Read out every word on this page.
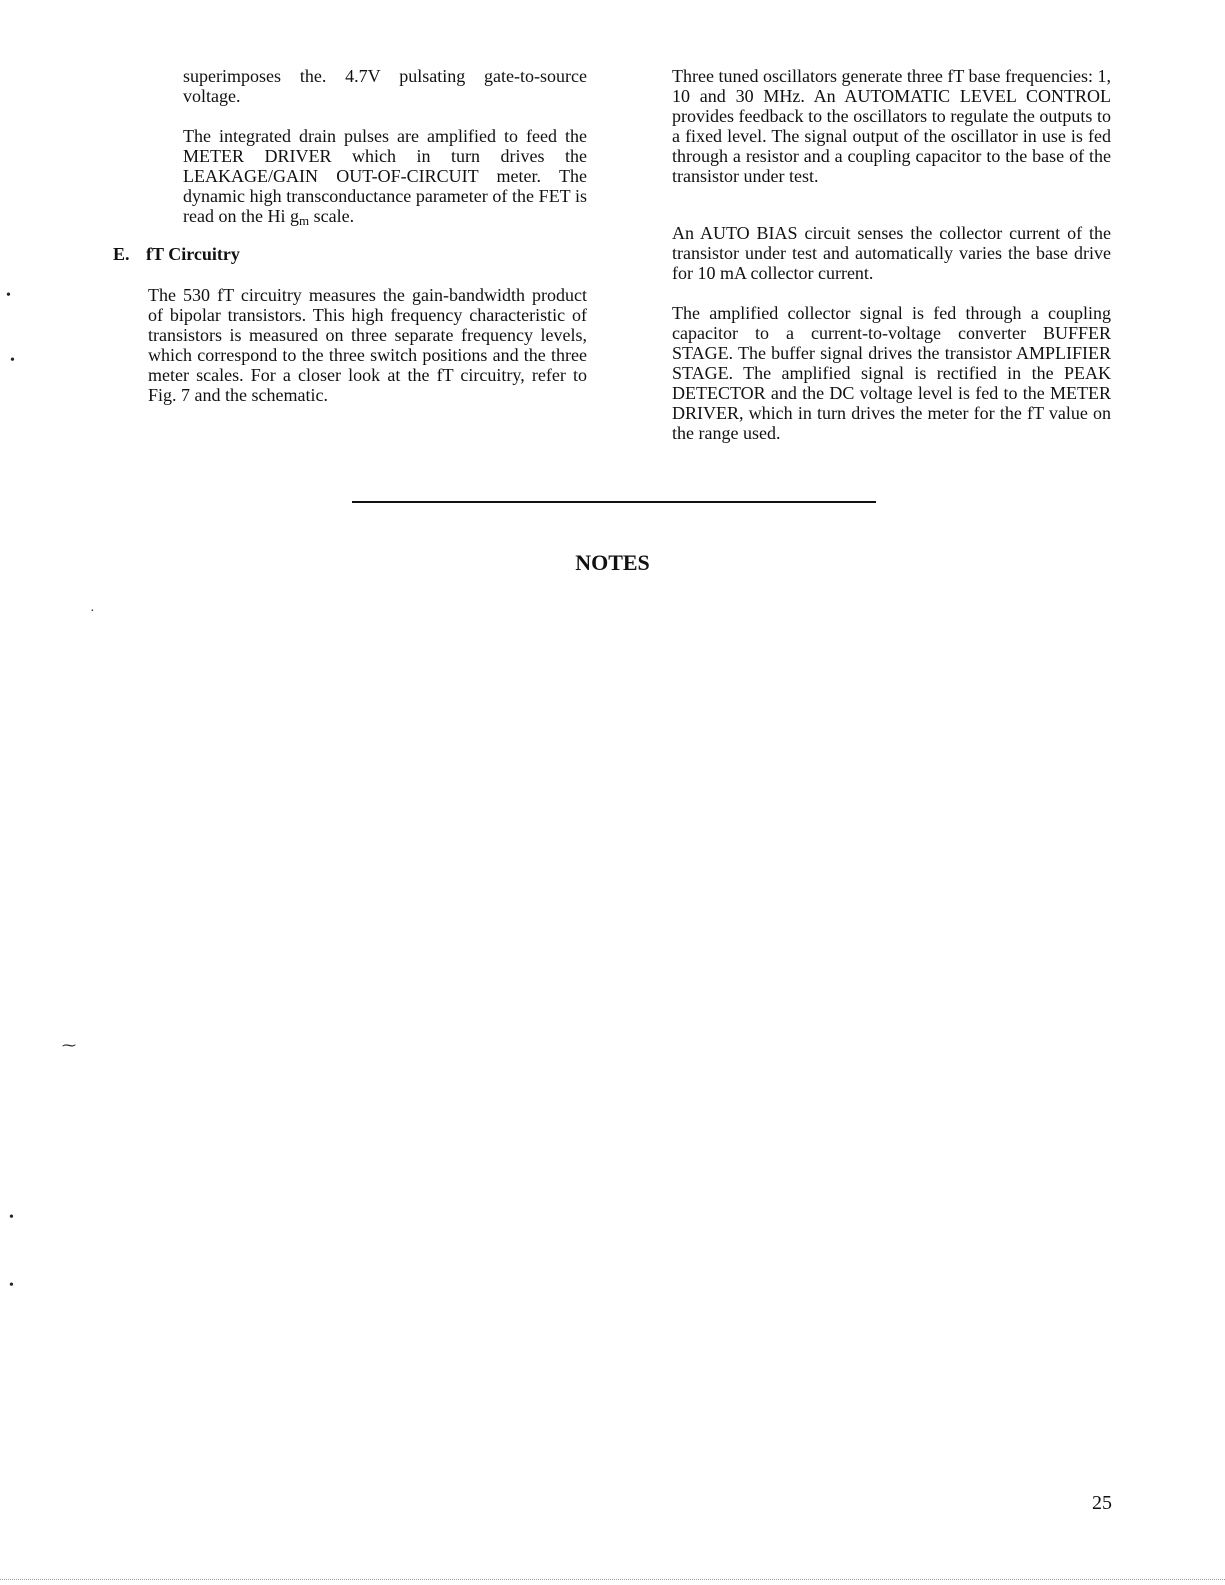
superimposes the. 4.7V pulsating gate-to-source voltage.

The integrated drain pulses are amplified to feed the METER DRIVER which in turn drives the LEAKAGE/GAIN OUT-OF-CIRCUIT meter. The dynamic high transconductance parameter of the FET is read on the Hi $g_m$ scale.

E. fT Circuitry

The 530 fT circuitry measures the gain-bandwidth product of bipolar transistors. This high frequency characteristic of transistors is measured on three separate frequency levels, which correspond to the three switch positions and the three meter scales. For a closer look at the fT circuitry, refer to Fig. 7 and the schematic.

Three tuned oscillators generate three fT base frequencies: 1, 10 and 30 MHz. An AUTOMATIC LEVEL CONTROL provides feedback to the oscillators to regulate the outputs to a fixed level. The signal output of the oscillator in use is fed through a resistor and a coupling capacitor to the base of the transistor under test.

An AUTO BIAS circuit senses the collector current of the transistor under test and automatically varies the base drive for 10 mA collector current.

The amplified collector signal is fed through a coupling capacitor to a current-to-voltage converter BUFFER STAGE. The buffer signal drives the transistor AMPLIFIER STAGE. The amplified signal is rectified in the PEAK DETECTOR and the DC voltage level is fed to the METER DRIVER, which in turn drives the meter for the fT value on the range used.

NOTES
25
•
•
·
⁓
•
•
